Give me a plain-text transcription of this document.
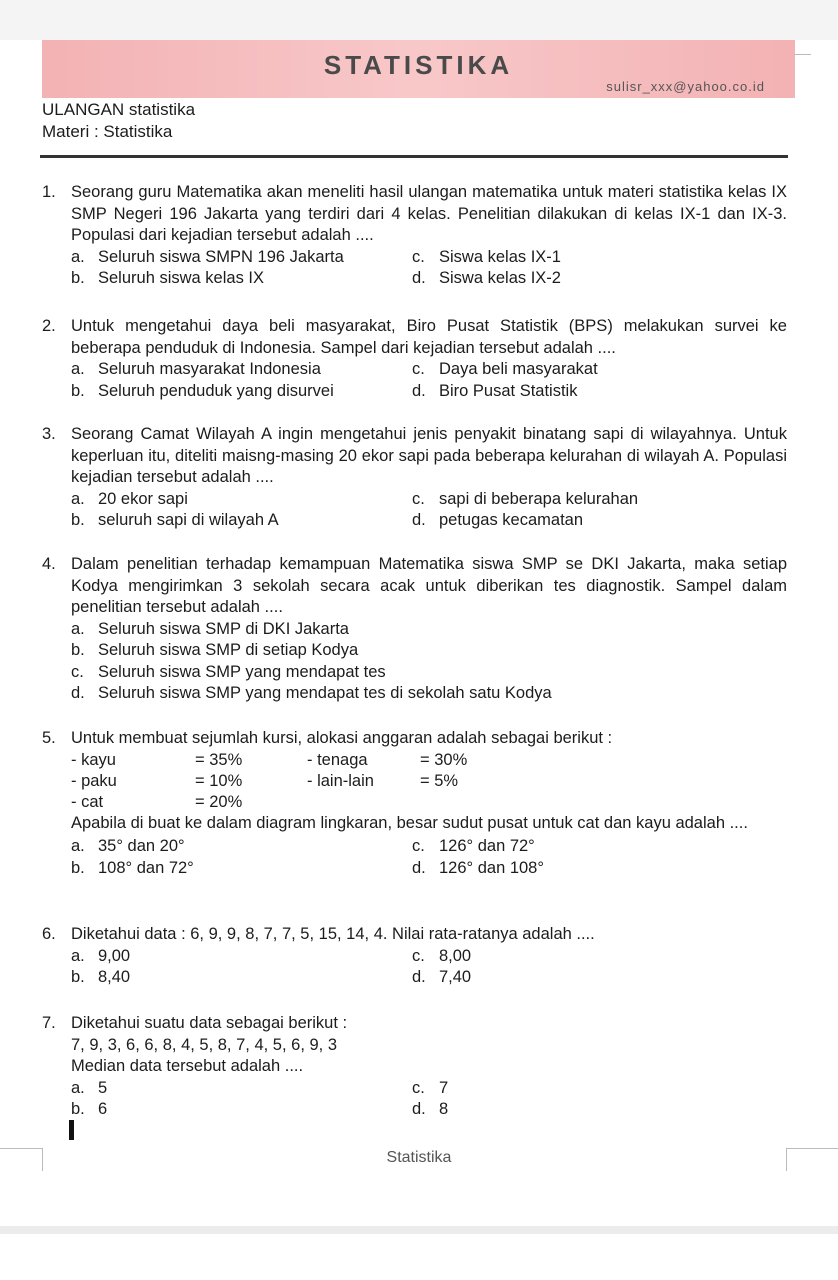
STATISTIKA
sulisr_xxx@yahoo.co.id
ULANGAN statistika
Materi : Statistika
1. Seorang guru Matematika akan meneliti hasil ulangan matematika untuk materi statistika kelas IX SMP Negeri 196 Jakarta yang terdiri dari 4 kelas. Penelitian dilakukan di kelas IX-1 dan IX-3. Populasi dari kejadian tersebut adalah ....
a. Seluruh siswa SMPN 196 Jakarta	c. Siswa kelas IX-1
b. Seluruh siswa kelas IX	d. Siswa kelas IX-2
2. Untuk mengetahui daya beli masyarakat, Biro Pusat Statistik (BPS) melakukan survei ke beberapa penduduk di Indonesia. Sampel dari kejadian tersebut adalah ....
a. Seluruh masyarakat Indonesia	c. Daya beli masyarakat
b. Seluruh penduduk yang disurvei	d. Biro Pusat Statistik
3. Seorang Camat Wilayah A ingin mengetahui jenis penyakit binatang sapi di wilayahnya. Untuk keperluan itu, diteliti maisng-masing 20 ekor sapi pada beberapa kelurahan di wilayah A. Populasi kejadian tersebut adalah ....
a. 20 ekor sapi	c. sapi di beberapa kelurahan
b. seluruh sapi di wilayah A	d. petugas kecamatan
4. Dalam penelitian terhadap kemampuan Matematika siswa SMP se DKI Jakarta, maka setiap Kodya mengirimkan 3 sekolah secara acak untuk diberikan tes diagnostik. Sampel dalam penelitian tersebut adalah ....
a. Seluruh siswa SMP di DKI Jakarta
b. Seluruh siswa SMP di setiap Kodya
c. Seluruh siswa SMP yang mendapat tes
d. Seluruh siswa SMP yang mendapat tes di sekolah satu Kodya
5. Untuk membuat sejumlah kursi, alokasi anggaran adalah sebagai berikut :
- kayu	= 35%	- tenaga	= 30%
- paku	= 10%	- lain-lain	= 5%
- cat	= 20%
Apabila di buat ke dalam diagram lingkaran, besar sudut pusat untuk cat dan kayu adalah ....
a. 35° dan 20°	c. 126° dan 72°
b. 108° dan 72°	d. 126° dan 108°
6. Diketahui data : 6, 9, 9, 8, 7, 7, 5, 15, 14, 4. Nilai rata-ratanya adalah ....
a. 9,00	c. 8,00
b. 8,40	d. 7,40
7. Diketahui suatu data sebagai berikut :
7, 9, 3, 6, 6, 8, 4, 5, 8, 7, 4, 5, 6, 9, 3
Median data tersebut adalah ....
a. 5	c. 7
b. 6	d. 8
Statistika
